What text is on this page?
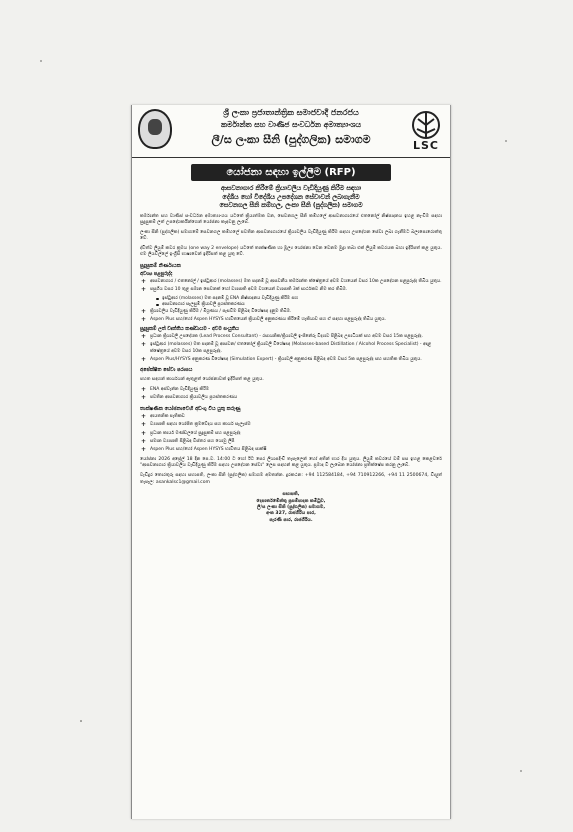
ශ්‍රී ලංකා ප්‍රජාතාන්ත්‍රික සමාජවාදී ජනරජය
කර්මාන්ත සහ වාණිජ සංවර්ධන අමාත්‍යාංශය
ලී/ස ලංකා සීනි (පුද්ගලික) සමාගම	LSC
යෝජනා සඳහා ඉල්ලීම (RFP)
ආසවනාගාර කිරීමේ ක්‍රියාවලිය වැඩිදියුණු කිරීම සඳහා
දේශීය හෝ විදේශීය උපදේශන සේවාවන් ලබාගැනීම
සෙවනගල සීනි කම්හල, ලංකා සීනි (පුද්ගලික) සමාගම
කර්මාන්ත සහ වාණිජ සංවර්ධන අමාත්‍යාංශය යටතේ ක්‍රියාත්මක වන, සෙවනගල සීනි කම්හලේ ආසවනාගාරයේ එතනෝල් නිෂ්පාදනය ඉහළ නැංවීම සඳහා සුදුසුකම් ලත් උපදේශකයින්ගෙන් යෝජනා කැඳවනු ලැබේ.
ලංකා සීනි (පුද්ගලික) සමාගමේ සෙවනගල කම්හලේ පවතින ආසවනාගාරයේ ක්‍රියාවලිය වැඩිදියුණු කිරීම සඳහා උපදේශන සේවා ලබා ගැනීමට බලාපොරොත්තු වේ.
ද්විත්ව ලියුම් කවර ක්‍රමය (one way 2 envelope) යටතේ තාක්ෂණික හා මූල්‍ය යෝජනා වෙන වෙනම මුද්‍රා තබා එක් ලියුම් කවරයක බහා ඉදිරිපත් කළ යුතුය. එම ලියවිල්ලේ ඉංග්‍රීසි භාෂාවෙන් ඉදිරිපත් කළ යුතු වේ.
සුදුසුකම් නිර්ණායක
අවශ්‍ය පළපුරුද්ද
+ ආසවනාගාර / එතනෝල් / ඉස්ටුආර (molasses) මත පදනම් වූ ආසවනීය කර්මාන්ත ක්ෂේත්‍රයේ අවම වශයෙන් වසර 10ක උපදේශන පළපුරුද්ද තිබිය යුතුය.
+ පසුගිය වසර 10 තුළ සමාන සෙවනක් හෝ ව්‍යාපෘති අවම වශයෙන් ව්‍යාපෘති 3ක් සාර්ථකව නිම කර තිබීම.
ඉස්ටුආර (molasses) මත පදනම් වූ ENA නිෂ්පාදනය වැඩිදියුණු කිරීම සහ
ආසවනාගාර සැලසුම් ක්‍රියාවලි ප්‍රශස්තකරණය
+ ක්‍රියාවලිය වැඩිදියුණු කිරීම / මිශ්‍රණය / පැසවීම පිළිබඳ විශේෂඥ දැනුම තිබීම.
+ Aspen Plus සහ/හෝ Aspen HYSYS භාවිතයෙන් ක්‍රියාවලි අනුකරණය කිරීමේ හැකියාව සහ ඒ සඳහා පළපුරුද්ද තිබිය යුතුය.
සුදුසුකම් ලත් වෘත්තීය කණ්ඩායම - අවම සංයුතිය
+ ප්‍රධාන ක්‍රියාවලි උපදේශක (Lead Process Consultant) - රසායනික/ක්‍රියාවලි ඉංජිනේරු විද්‍යාව පිළිබඳ උපාධියක් සහ අවම වසර 15ක පළපුරුද්ද.
+ ඉස්ටුආර (molasses) මත පදනම් වූ ආසවන/ එතනෝල් ක්‍රියාවලි විශේෂඥ (Molasses-based Distillation / Alcohol Process Specialist) - අදාළ ක්ෂේත්‍රයේ අවම වසර 10ක පළපුරුද්ද.
+ Aspen Plus/HYSYS අනුකරණ විශේෂඥ (Simulation Expert) - ක්‍රියාවලි අනුකරණ පිළිබඳ අවම වසර 5ක පළපුරුද්ද සහ සහතික තිබිය යුතුය.
අපේක්ෂිත සේවා පරාසය
පහත සඳහන් කාර්යයන් ඇතුළත් යෝජනාවක් ඉදිරිපත් කළ යුතුය.
+ ENA අස්වැන්න වැඩිදියුණු කිරීම
+ පවතින ආසවනාගාර ක්‍රියාවලිය ප්‍රශස්තකරණය
තාක්ෂණික යෝජනාවෙහි අඩංගු විය යුතු කරුණු
+ ආයතනික පැතිකඩ
+ ව්‍යාපෘති සඳහා යෝජිත ක්‍රමවේදය සහ කාර්ය සැලැස්ම
+ ප්‍රධාන කාර්ය මණ්ඩලයේ සුදුසුකම් සහ පළපුරුද්ද
+ සමාන ව්‍යාපෘති පිළිබඳ විස්තර සහ යොමු ලිපි
+ Aspen Plus සහ/හෝ Aspen HYSYS භාවිතය පිළිබඳ සාක්ෂි
යෝජනා 2026 අප්‍රේල් 18 දින පෙ.ව. 14:00 ට හෝ ඊට පෙර ලියාපදිංචි තැපෑලෙන් හෝ අතින් භාර දිය යුතුය. ලියුම් කවරයේ වම් පස ඉහළ කෙළවරේ "ආසවනාගාර ක්‍රියාවලිය වැඩිදියුණු කිරීම සඳහා උපදේශන සේවා" ලෙස සඳහන් කළ යුතුය. ප්‍රමාද වී ලැබෙන යෝජනා ප්‍රතික්ෂේප කරනු ලැබේ.
වැඩිදුර තොරතුරු සඳහා සභාපති, ලංකා සීනි (පුද්ගලික) සමාගම අමතන්න. දුරකථන: +94 112584184, +94 710912266, +94 11 2500674, විද්‍යුත් තැපෑල: asankalsc1@gmail.com
සභාපති,
දෙපාර්තමේන්තු ප්‍රසම්පාදන කමිටුව,
ලී/ස ලංකා සීනි (පුද්ගලික) සමාගම,
අංක 327, රාජගිරිය පාර,
පැරණි පාර, රාජගිරිය.
